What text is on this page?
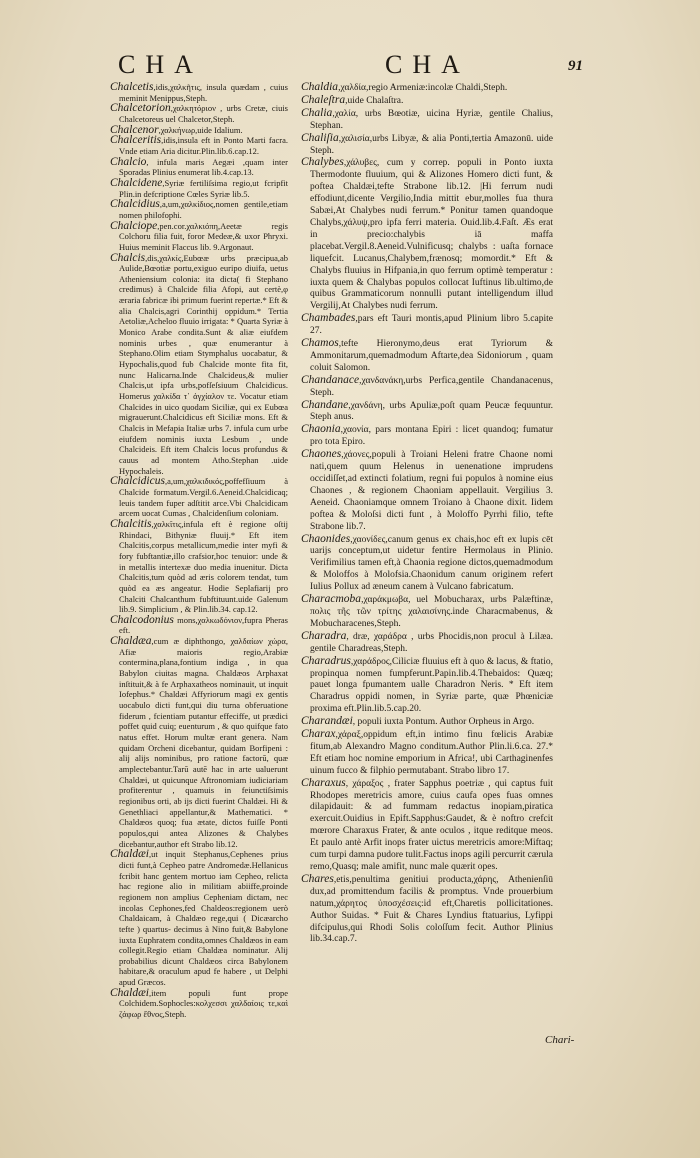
CHA	CHA	91
Chalcetis,idis,χαλκῆτις, insula quædam , cuius meminit Menippus,Steph.
Chalcetorion,χαλκητόριον , urbs Cretæ, ciuis Chalcetoreus uel Chalcetor,Steph.
Chalcenor,χαλκήνωρ,uide Idalium.
Chalceritis,idis,insula eft in Ponto Marti facra. Vnde etiam Aria dicitur.Plin.lib.6.cap.12.
Chalcio, infula maris Aegæi ,quam inter Sporadas Plinius enumerat lib.4.cap.13.
Chalcidene,Syriæ fertiliſsima regio,ut fcripfit Plin.in defcriptione Cœles Syriæ lib.5.
Chalcidius,a,um,χαλκίδιος,nomen gentile,etiam nomen philofophi.
Chalciope,pen.cor.χαλκιόπη,Aeetæ regis Colchoru filia fuit, foror Medeæ,& uxor Phryxi. Huius meminit Flaccus lib. 9.Argonaut.
Chalcis,dis,χαλκίς,Eubœæ urbs præcipua,ab Aulide,Bœotiæ portu,exiguo euripo diuifa, uetus Atheniensium colonia: ita dicta( fi Stephano credimus) à Chalcide filia Afopi, aut certè,φ æraria fabricæ ibi primum fuerint repertæ.* Eft & alia Chalcis,agri Corinthij oppidum.* Tertia Aetoliæ,Acheloo fluuio irrigata: * Quarta Syriæ à Monico Arabe condita.Sunt & aliæ eiufdem nominis urbes , quæ enumerantur à Stephano.Olim etiam Stymphalus uocabatur, & Hypochalis,quod fub Chalcide monte fita fit, nunc Halicarna.Inde Chalcideus,& mulier Chalcis,ut ipfa urbs,pofſeſsiuum Chalcidicus. Homerus χαλκίδα τ᾽ ἀγχίαλον τε. Vocatur etiam Chalcides in uico quodam Siciliæ, qui ex Eubœa migrauerunt.Chalcidicus eft Siciliæ mons. Eft & Chalcis in Mefapia Italiæ urbs 7. infula cum urbe eiufdem nominis iuxta Lesbum , unde Chalcideis. Eft item Chalcis locus profundus & cauus ad montem Atho.Stephan .uide Hypochaleis.
Chalcidicus,a,um,χαλκιδικός,poffefſiuum à Chalcide formatum.Vergil.6.Aeneid.Chalcidicaq; leuis tandem fuper adſtitit arce.Vbi Chalcidicam arcem uocat Cumas , Chalcidenſium coloniam.
Chalcitis,χαλκῖτις,infula eft è regione oſtij Rhindaci, Bithyniæ fluuij.* Eft item Chalcitis,corpus metallicum,medie inter myfi & fory fubftantiæ,illo crafsior,hoc tenuior: unde & in metallis intertexæ duo media inuenitur. Dicta Chalcitis,tum quòd ad æris colorem tendat, tum quòd ea æs angeatur. Hodie Seplafiarij pro Chalciti Chalcanthum fubftituunt.uide Galenum lib.9. Simplicium , & Plin.lib.34. cap.12.
Chalcodonius mons,χαλκωδόνιον,fupra Pheras eft.
Chaldæa,cum æ diphthongo, χαλδαίων χώρα, Afiæ maioris regio,Arabiæ contermina,plana,fontium indiga , in qua Babylon ciuitas magna. Chaldæos Arphaxat inſtituit,& à fe Arphaxatheos nominauit, ut inquit Iofephus.* Chaldæi Affyriorum magi ex gentis uocabulo dicti funt,qui diu turna obferuatione fiderum , fcientiam putantur effeciffe, ut prædici poffet quid cuiq; euenturum , & quo quifque fato natus effet. Horum multæ erant genera. Nam quidam Orcheni dicebantur, quidam Borfipeni : alij alijs nominibus, pro ratione factorū, quæ amplectebantur.Tarū autē hac in arte ualuerunt Chaldæi, ut quicunque Aftronomiam iudiciariam profiterentur , quamuis in feiunctiſsimis regionibus orti, ab ijs dicti fuerint Chaldæi. Hi & Genethliaci appellantur,& Mathematici. * Chaldæos quoq; fua ætate, dictos fuiſſe Ponti populos,qui antea Alizones & Chalybes dicebantur,author eft Strabo lib.12.
Chaldæi,ut inquit Stephanus,Cephenes prius dicti funt,à Cepheo patre Andromedæ.Hellanicus fcribit hanc gentem mortuo iam Cepheo, relicta hac regione alio in militiam abiiffe,proinde regionem non amplius Cepheniam dictam, nec incolas Cephones,fed Chaldeos:regionem uerò Chaldaicam, à Chaldæo rege,qui ( Dicæarcho tefte ) quartus- decimus à Nino fuit,& Babylone iuxta Euphratem condita,omnes Chaldæos in eam collegit.Regio etiam Chaldæa nominatur. Alij probabilius dicunt Chaldæos circa Babylonem habitare,& oraculum apud fe habere , ut Delphi apud Græcos.
Chaldæi,item populi funt prope Colchidem.Sophocles:κολχεσσι χαλδαίοις τε,καὶ ζάφωρ ἔθνος,Steph.
Chaldia,χαλδία,regio Armeniæ:incolæ Chaldi,Steph.
Chaleſtra,uide Chalaſtra.
Chalia,χαλία, urbs Bœotiæ, uicina Hyriæ, gentile Chalius, Stephan.
Chaliſia,χαλισία,urbs Libyæ, & alia Ponti,tertia Amazonū. uide Steph.
Chalybes,χάλυβες, cum y correp. populi in Ponto iuxta Thermodonte fluuium, qui & Alizones Homero dicti funt, & poftea Chaldæi,tefte Strabone lib.12. |Hi ferrum nudi effodiunt,dicente Vergilio,India mittit ebur,molles fua thura Sabæi,At Chalybes nudi ferrum.* Ponitur tamen quandoque Chalybs,χάλυψ,pro ipfa ferri materia. Ouid.lib.4.Faſt. Æs erat in precio:chalybis iā maffa placebat.Vergil.8.Aeneid.Vulnificusq; chalybs : uaſta fornace liquefcit. Lucanus,Chalybem,frænosq; momordit.* Eft & Chalybs fluuius in Hifpania,in quo ferrum optimè temperatur : iuxta quem & Chalybas populos collocat Iuftinus lib.ultimo,de quibus Grammaticorum nonnulli putant intelligendum illud Vergilij,At Chalybes nudi ferrum.
Chambades,pars eft Tauri montis,apud Plinium libro 5.capite 27.
Chamos,tefte Hieronymo,deus erat Tyriorum & Ammonitarum,quemadmodum Aftarte,dea Sidoniorum , quam coluit Salomon.
Chandanace,χανδανάκη,urbs Perfica,gentile Chandanacenus, Steph.
Chandane,χανδάνη, urbs Apuliæ,poſt quam Peucæ fequuntur. Steph anus.
Chaonia,χαονία, pars montana Epiri : licet quandoq; fumatur pro tota Epiro.
Chaones,χάονες,populi à Troiani Heleni fratre Chaone nomi nati,quem quum Helenus in uenenatione imprudens occidiſſet,ad extincti folatium, regni fui populos à nomine eius Chaones , & regionem Chaoniam appellauit. Vergilius 3. Aeneid. Chaoniamque omnem Troiano à Chaone dixit. Iidem poftea & Moloſsi dicti funt , à Moloffo Pyrrhi filio, tefte Strabone lib.7.
Chaonides,χαονίδες,canum genus ex chais,hoc eft ex lupis cēt uarijs conceptum,ut uidetur fentire Hermolaus in Plinio. Verifimilius tamen eft,à Chaonia regione dictos,quemadmodum & Moloffos à Molofsia.Chaonidum canum originem refert Iulius Pollux ad æneum canem à Vulcano fabricatum.
Characmoba,χαράκμωβα, uel Mobucharax, urbs Palæftinæ, πολις τῆς τῶν τρίτης χαλαισίνης.inde Characmabenus, & Mobucharacenes,Steph.
Charadra, dræ, χαράδρα , urbs Phocidis,non procul à Lilæa. gentile Charadreas,Steph.
Charadrus,χαράδρος,Ciliciæ fluuius eft à quo & lacus, & ftatio, propinqua nomen fumpferunt.Papin.lib.4.Thebaidos: Quæq; pauet longa fpumantem ualle Charadron Neris. * Eft item Charadrus oppidi nomen, in Syriæ parte, quæ Phœniciæ proxima eft.Plin.lib.5.cap.20.
Charandæi, populi iuxta Pontum. Author Orpheus in Argo.
Charax,χάραξ,oppidum eft,in intimo finu fœlicis Arabiæ fitum,ab Alexandro Magno conditum.Author Plin.li.6.ca. 27.* Eft etiam hoc nomine emporium in Africa!, ubi Carthaginenfes uinum fucco & filphio permutabant. Strabo libro 17.
Charaxus, χάραξος , frater Sapphus poetriæ , qui captus fuit Rhodopes meretricis amore, cuius caufa opes fuas omnes dilapidauit: & ad fummam redactus inopiam,piratica exercuit.Ouidius in Epift.Sapphus:Gaudet, & è noftro crefcit mœrore Charaxus Frater, & ante oculos , itque reditque meos. Et paulo antè Arfit inops frater uictus meretricis amore:Miftaq; cum turpi damna pudore tulit.Factus inops agili percurrit cærula remo,Quasq; male amifit, nunc male quærit opes.
Chares,etis,penultima genitiui producta,χάρης, Athenienſiū dux,ad promittendum facilis & promptus. Vnde prouerbium natum,χάρητος ὑποσχέσεις:id eft,Charetis pollicitationes. Author Suidas. * Fuit & Chares Lyndius ftatuarius, Lyfippi difcipulus,qui Rhodi Solis coloſſum fecit. Author Plinius lib.34.cap.7.
Chari-
